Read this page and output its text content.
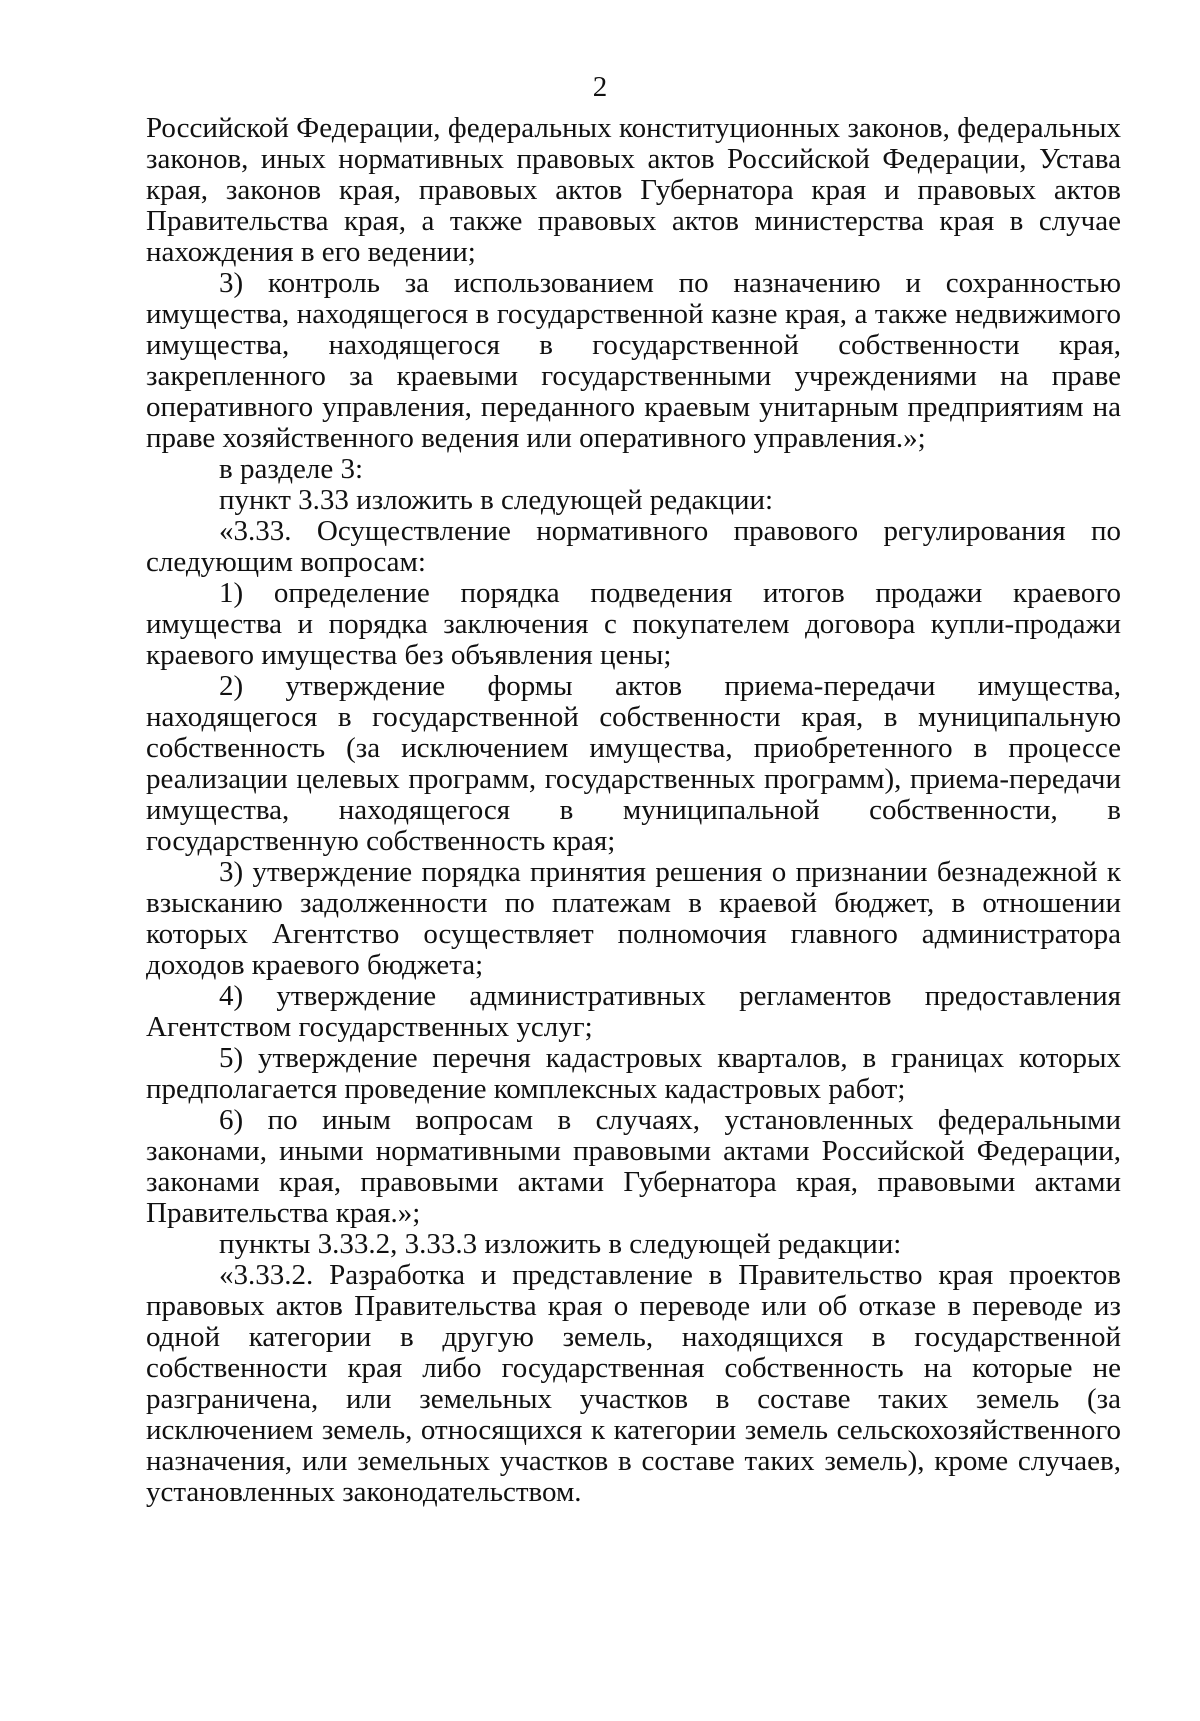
2

Российской Федерации, федеральных конституционных законов, федеральных законов, иных нормативных правовых актов Российской Федерации, Устава края, законов края, правовых актов Губернатора края и правовых актов Правительства края, а также правовых актов министерства края в случае нахождения в его ведении;

3) контроль за использованием по назначению и сохранностью имущества, находящегося в государственной казне края, а также недвижимого имущества, находящегося в государственной собственности края, закрепленного за краевыми государственными учреждениями на праве оперативного управления, переданного краевым унитарным предприятиям на праве хозяйственного ведения или оперативного управления.»;

в разделе 3:

пункт 3.33 изложить в следующей редакции:

«3.33. Осуществление нормативного правового регулирования по следующим вопросам:

1) определение порядка подведения итогов продажи краевого имущества и порядка заключения с покупателем договора купли-продажи краевого имущества без объявления цены;

2) утверждение формы актов приема-передачи имущества, находящегося в государственной собственности края, в муниципальную собственность (за исключением имущества, приобретенного в процессе реализации целевых программ, государственных программ), приема-передачи имущества, находящегося в муниципальной собственности, в государственную собственность края;

3) утверждение порядка принятия решения о признании безнадежной к взысканию задолженности по платежам в краевой бюджет, в отношении которых Агентство осуществляет полномочия главного администратора доходов краевого бюджета;

4) утверждение административных регламентов предоставления Агентством государственных услуг;

5) утверждение перечня кадастровых кварталов, в границах которых предполагается проведение комплексных кадастровых работ;

6) по иным вопросам в случаях, установленных федеральными законами, иными нормативными правовыми актами Российской Федерации, законами края, правовыми актами Губернатора края, правовыми актами Правительства края.»;

пункты 3.33.2, 3.33.3 изложить в следующей редакции:

«3.33.2. Разработка и представление в Правительство края проектов правовых актов Правительства края о переводе или об отказе в переводе из одной категории в другую земель, находящихся в государственной собственности края либо государственная собственность на которые не разграничена, или земельных участков в составе таких земель (за исключением земель, относящихся к категории земель сельскохозяйственного назначения, или земельных участков в составе таких земель), кроме случаев, установленных законодательством.
